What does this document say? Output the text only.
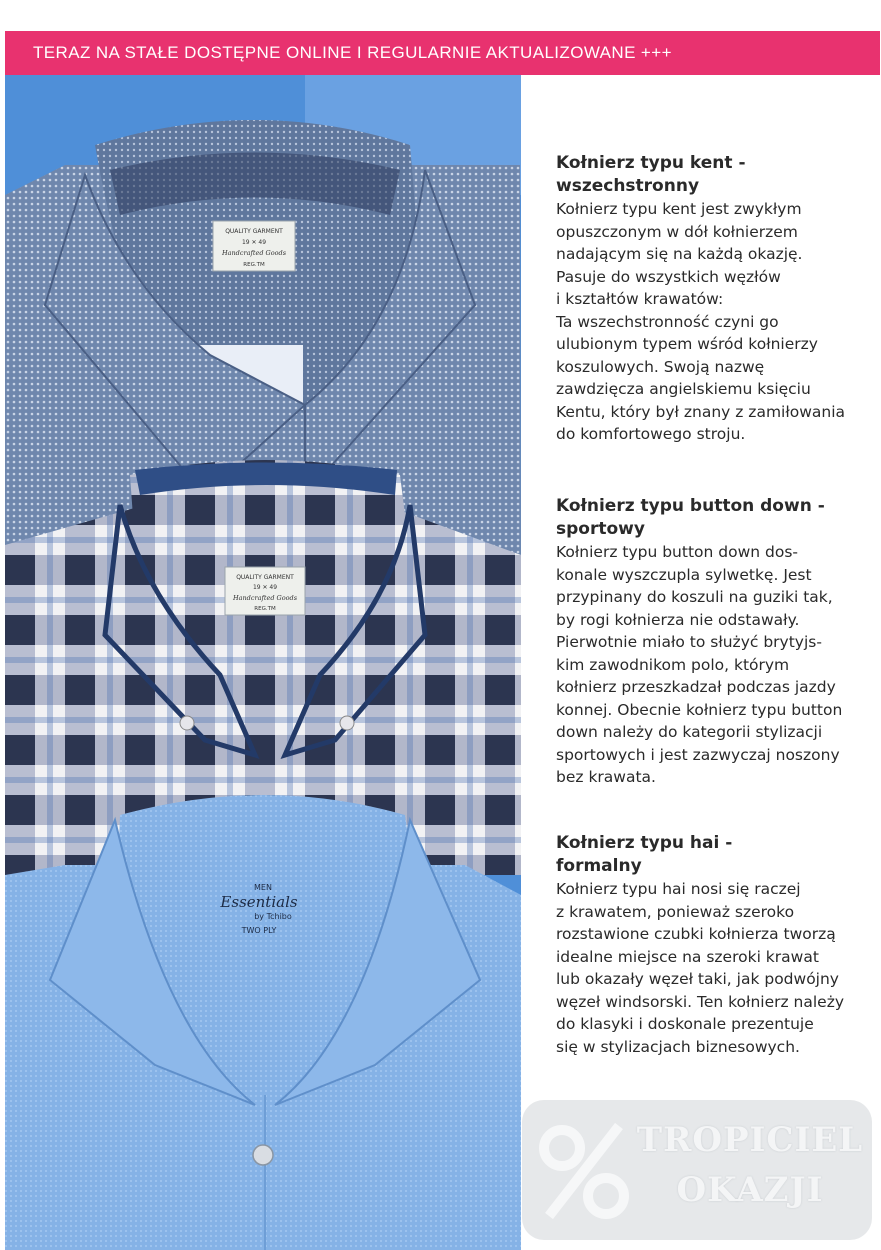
TERAZ NA STAŁE DOSTĘPNE ONLINE I REGULARNIE AKTUALIZOWANE +++
QUALITY GARMENT
19 ✕ 49
Handcrafted Goods
REG.TM
QUALITY GARMENT
19 ✕ 49
Handcrafted Goods
REG.TM
MEN
Essentials
by Tchibo
TWO PLY
Kołnierz typu kent -
wszechstronny

Kołnierz typu kent jest zwykłym
opuszczonym w dół kołnierzem
nadającym się na każdą okazję.
Pasuje do wszystkich węzłów
i kształtów krawatów:
Ta wszechstronność czyni go
ulubionym typem wśród kołnierzy
koszulowych. Swoją nazwę
zawdzięcza angielskiemu księciu
Kentu, który był znany z zamiłowania
do komfortowego stroju.

Kołnierz typu button down -
sportowy

Kołnierz typu button down dos-
konale wyszczupla sylwetkę. Jest
przypinany do koszuli na guziki tak,
by rogi kołnierza nie odstawały.
Pierwotnie miało to służyć brytyjs-
kim zawodnikom polo, którym
kołnierz przeszkadzał podczas jazdy
konnej. Obecnie kołnierz typu button
down należy do kategorii stylizacji
sportowych i jest zazwyczaj noszony
bez krawata.

Kołnierz typu hai -
formalny

Kołnierz typu hai nosi się raczej
z krawatem, ponieważ szeroko
rozstawione czubki kołnierza tworzą
idealne miejsce na szeroki krawat
lub okazały węzeł taki, jak podwójny
węzeł windsorski. Ten kołnierz należy
do klasyki i doskonale prezentuje
się w stylizacjach biznesowych.

TROPICIEL
OKAZJI
